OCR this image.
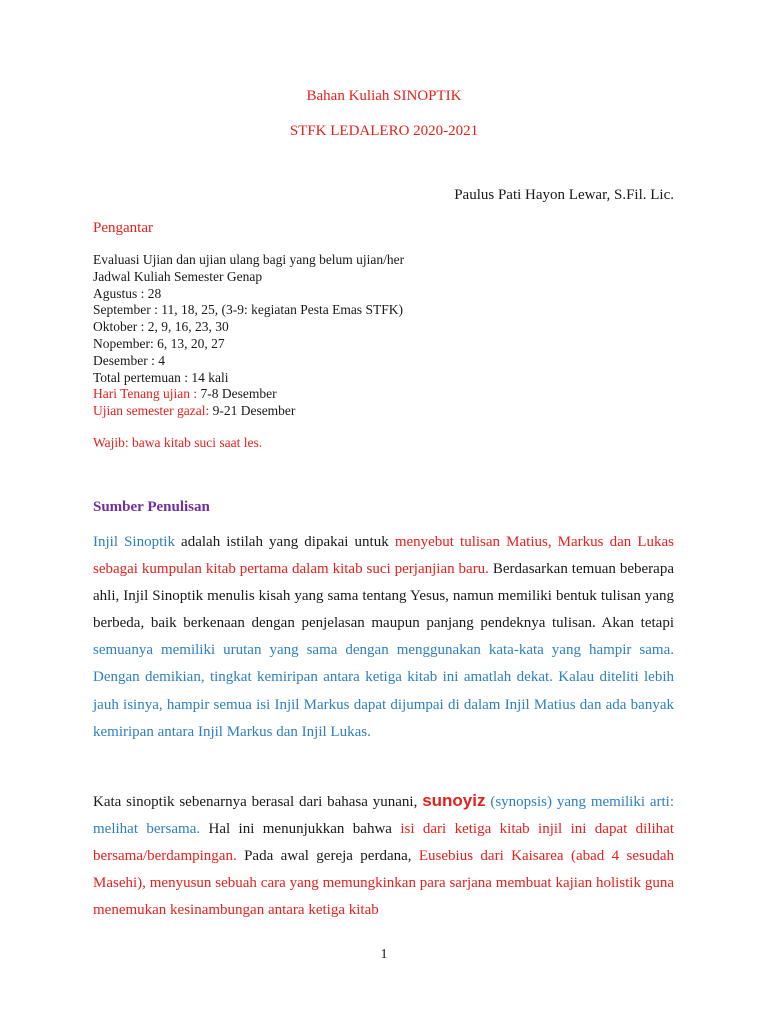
Bahan Kuliah SINOPTIK
STFK LEDALERO 2020-2021
Paulus Pati Hayon Lewar, S.Fil. Lic.
Pengantar
Evaluasi Ujian dan ujian ulang bagi yang belum ujian/her
Jadwal Kuliah Semester Genap
Agustus : 28
September : 11, 18, 25, (3-9: kegiatan Pesta Emas STFK)
Oktober : 2, 9, 16, 23, 30
Nopember: 6, 13, 20, 27
Desember : 4
Total pertemuan : 14 kali
Hari Tenang ujian : 7-8 Desember
Ujian semester gazal: 9-21 Desember
Wajib: bawa kitab suci saat les.
Sumber Penulisan
Injil Sinoptik adalah istilah yang dipakai untuk menyebut tulisan Matius, Markus dan Lukas sebagai kumpulan kitab pertama dalam kitab suci perjanjian baru. Berdasarkan temuan beberapa ahli, Injil Sinoptik menulis kisah yang sama tentang Yesus, namun memiliki bentuk tulisan yang berbeda, baik berkenaan dengan penjelasan maupun panjang pendeknya tulisan. Akan tetapi semuanya memiliki urutan yang sama dengan menggunakan kata-kata yang hampir sama. Dengan demikian, tingkat kemiripan antara ketiga kitab ini amatlah dekat. Kalau diteliti lebih jauh isinya, hampir semua isi Injil Markus dapat dijumpai di dalam Injil Matius dan ada banyak kemiripan antara Injil Markus dan Injil Lukas.
Kata sinoptik sebenarnya berasal dari bahasa yunani, sunoyiz (synopsis) yang memiliki arti: melihat bersama. Hal ini menunjukkan bahwa isi dari ketiga kitab injil ini dapat dilihat bersama/berdampingan. Pada awal gereja perdana, Eusebius dari Kaisarea (abad 4 sesudah Masehi), menyusun sebuah cara yang memungkinkan para sarjana membuat kajian holistik guna menemukan kesinambungan antara ketiga kitab
1
